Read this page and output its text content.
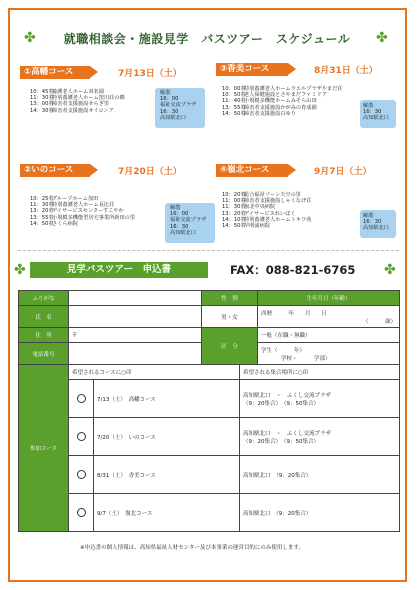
✤	就職相談会・施設見学　バスツアー　スケジュール	✤
①高幡コース	7月13日（土）
10：45着養護老人ホーム双名園
11：30着特別養護老人ホーム窪川荘の郷
13：00着障害者支援施設せらぎ里
14：30着障害者支援施設オイコニア
解散
16：00
福祉交流プラザ
16：30
高知駅北口
③香美コース	8月31日（土）
10：00着特別養護老人ホームウエルプラザやまだ荘
10：50着老人保健施設とさやまだファミリア
11：40着小規模多機能ホームみそら山田
13：55着障害者支援施設かがみの育成園
14：50着障害者支援施設白ゆり
解散
16：30
高知駅北口
②いのコース	7月20日（土）
10：25着グループホーム加田
11：30着特別養護老人ホーム長比荘
13：20着デイサービスセンターすこやか
13：55着小規模多機能型居宅事業所新田の里
14：50着さくら病院
解散
16：00
福祉交流プラザ
16：30
高知駅北口
④嶺北コース	9月7日（土）
10：20着総合福祉ゾーン天空の里
11：00着障害者支援施設しゃくなげ荘
11：30着嶺北中央病院
13：20着デイサービスれいほく
14：10着特別養護老人ホームトキワ苑
14：50着早明浦病院
解散
16：30
高知駅北口
✤	見学バスツアー　申込書	FAX：088-821-6765 ✤
ふりがな			性　別		生年月日（年齢）
氏　名			男・女		西暦　　　年　　月　　日
（　　　歳）

住　所	〒		区　分		一般（在職・無職）
電話番号					学生（　　　年）
学校・　　　学部）

参加コース	希望されるコースに○印			希望される集合場所に○印	
		7/13（土）　 高幡コース		高知駅北口　・　ふくし交流プラザ
（9：20集合）　（9：50集合）	

		7/20（土）　 いのコース		高知駅北口　・　ふくし交流プラザ
（9：20集合）　（9：50集合）	

		8/31（土）　 香美コース		高知駅北口　（9：20集合）	

		9/7（土）　 嶺北コース		高知駅北口　（9：20集合）	
※申込書の個人情報は、高知県福祉人材センター及び本事業の運営目的にのみ使用します。
